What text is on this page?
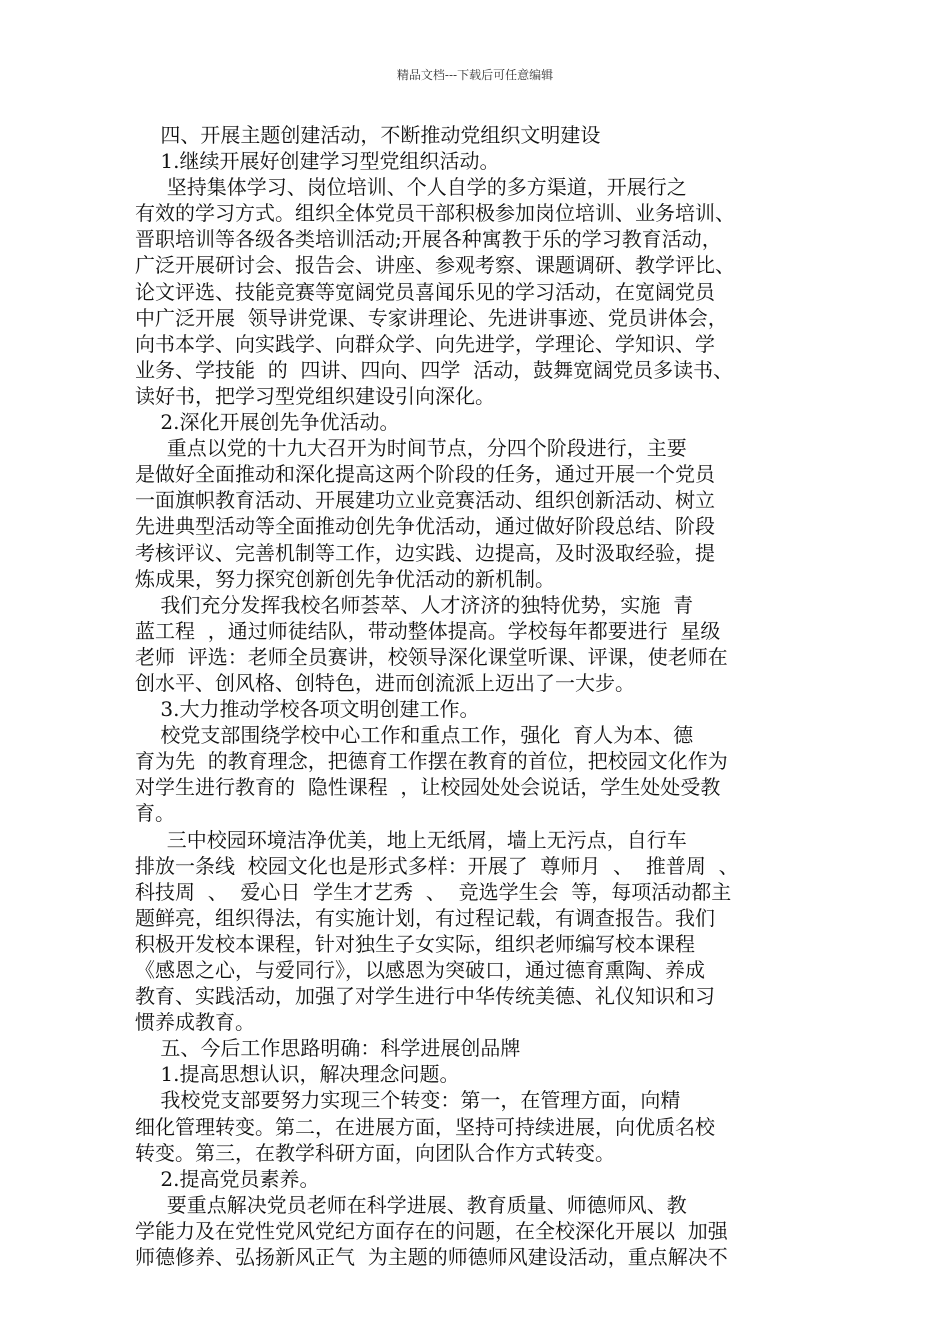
精品文档---下载后可任意编辑
四、开展主题创建活动，不断推动党组织文明建设
1.继续开展好创建学习型党组织活动。
坚持集体学习、岗位培训、个人自学的多方渠道，开展行之
有效的学习方式。组织全体党员干部积极参加岗位培训、业务培训、
晋职培训等各级各类培训活动;开展各种寓教于乐的学习教育活动，
广泛开展研讨会、报告会、讲座、参观考察、课题调研、教学评比、
论文评选、技能竞赛等宽阔党员喜闻乐见的学习活动，在宽阔党员
中广泛开展  领导讲党课、专家讲理论、先进讲事迹、党员讲体会，
向书本学、向实践学、向群众学、向先进学，学理论、学知识、学
业务、学技能  的  四讲、四向、四学  活动，鼓舞宽阔党员多读书、
读好书，把学习型党组织建设引向深化。
2.深化开展创先争优活动。
重点以党的十九大召开为时间节点，分四个阶段进行，主要
是做好全面推动和深化提高这两个阶段的任务，通过开展一个党员
一面旗帜教育活动、开展建功立业竞赛活动、组织创新活动、树立
先进典型活动等全面推动创先争优活动，通过做好阶段总结、阶段
考核评议、完善机制等工作，边实践、边提高，及时汲取经验，提
炼成果，努力探究创新创先争优活动的新机制。
我们充分发挥我校名师荟萃、人才济济的独特优势，实施  青
蓝工程  ，通过师徒结队，带动整体提高。学校每年都要进行  星级
老师  评选：老师全员赛讲，校领导深化课堂听课、评课，使老师在
创水平、创风格、创特色，进而创流派上迈出了一大步。
3.大力推动学校各项文明创建工作。
校党支部围绕学校中心工作和重点工作，强化  育人为本、德
育为先  的教育理念，把德育工作摆在教育的首位，把校园文化作为
对学生进行教育的  隐性课程  ，让校园处处会说话，学生处处受教
育。
三中校园环境洁净优美，地上无纸屑，墙上无污点，自行车
排放一条线  校园文化也是形式多样：开展了  尊师月  、  推普周  、
科技周  、  爱心日  学生才艺秀  、  竞选学生会  等，每项活动都主
题鲜亮，组织得法，有实施计划，有过程记载，有调查报告。我们
积极开发校本课程，针对独生子女实际，组织老师编写校本课程
《感恩之心，与爱同行》，以感恩为突破口，通过德育熏陶、养成
教育、实践活动，加强了对学生进行中华传统美德、礼仪知识和习
惯养成教育。
五、今后工作思路明确：科学进展创品牌
1.提高思想认识，解决理念问题。
我校党支部要努力实现三个转变：第一，在管理方面，向精
细化管理转变。第二，在进展方面，坚持可持续进展，向优质名校
转变。第三，在教学科研方面，向团队合作方式转变。
2.提高党员素养。
要重点解决党员老师在科学进展、教育质量、师德师风、教
学能力及在党性党风党纪方面存在的问题，在全校深化开展以  加强
师德修养、弘扬新风正气  为主题的师德师风建设活动，重点解决不
